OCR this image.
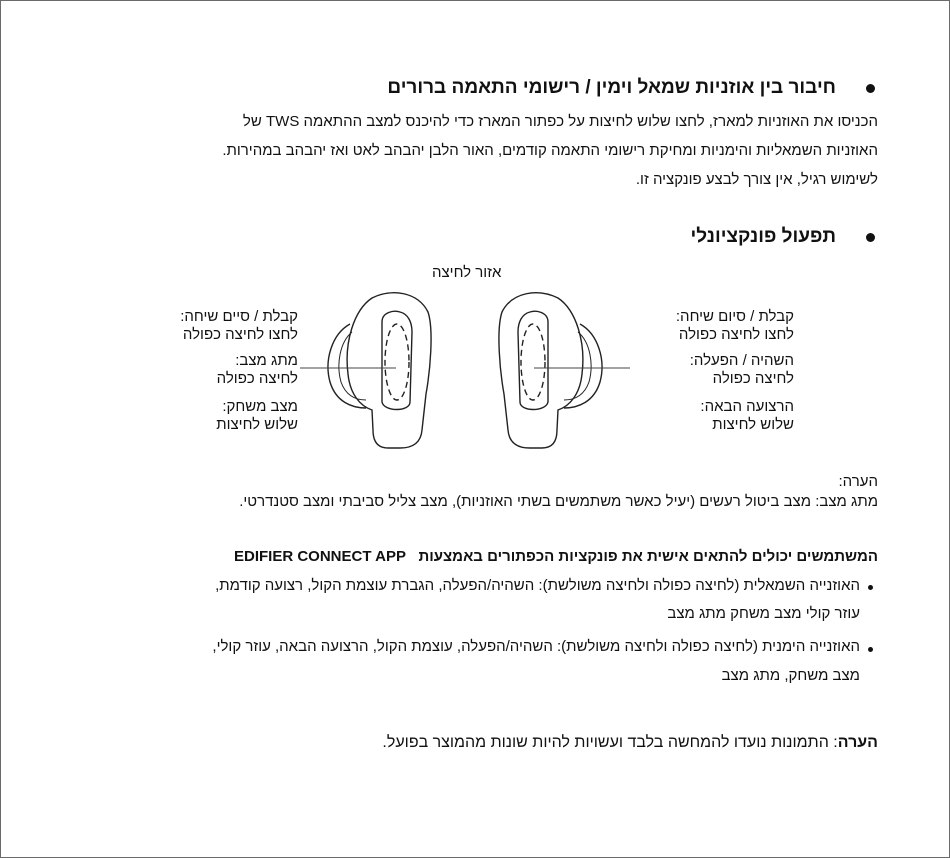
חיבור בין אוזניות שמאל וימין / רישומי התאמה ברורים
הכניסו את האוזניות למארז, לחצו שלוש לחיצות על כפתור המארז כדי להיכנס למצב ההתאמה TWS של
האוזניות השמאליות והימניות ומחיקת רישומי התאמה קודמים, האור הלבן יהבהב לאט ואז יהבהב במהירות.
לשימוש רגיל, אין צורך לבצע פונקציה זו.
תפעול פונקציונלי
אזור לחיצה
קבלת / סיים שיחה:
לחצו לחיצה כפולה
מתג מצב:
לחיצה כפולה
מצב משחק:
שלוש לחיצות
קבלת / סיום שיחה:
לחצו לחיצה כפולה
השהיה / הפעלה:
לחיצה כפולה
הרצועה הבאה:
שלוש לחיצות
הערה:
מתג מצב: מצב ביטול רעשים (יעיל כאשר משתמשים בשתי האוזניות), מצב צליל סביבתי ומצב סטנדרטי.
המשתמשים יכולים להתאים אישית את פונקציות הכפתורים באמצעות   EDIFIER CONNECT APP
האוזנייה השמאלית (לחיצה כפולה ולחיצה משולשת): השהיה/הפעלה, הגברת עוצמת הקול, רצועה קודמת,
עוזר קולי מצב משחק מתג מצב
האוזנייה הימנית (לחיצה כפולה ולחיצה משולשת): השהיה/הפעלה, עוצמת הקול, הרצועה הבאה, עוזר קולי,
מצב משחק, מתג מצב
הערה: התמונות נועדו להמחשה בלבד ועשויות להיות שונות מהמוצר בפועל.
